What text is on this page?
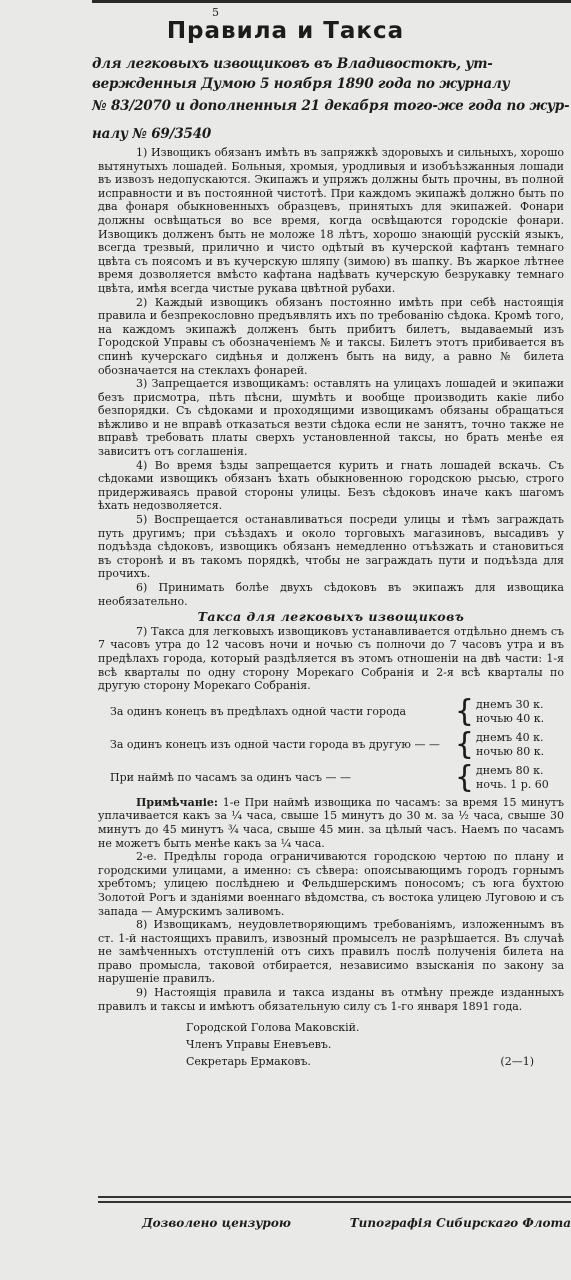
5
Правила и Такса
для легковыхъ извощиковъ въ Владивостокѣ, ут-
вержденныя Думою 5 ноября 1890 года по журналу
№ 83/2070 и дополненныя 21 декабря того-же года по жур-
налу № 69/3540

1) Извощикъ обязанъ имѣть въ запряжкѣ здоровыхъ и сильныхъ, хорошо вытянутыхъ лошадей. Больныя, хромыя, уродливыя и изобъѣзжанныя лошади въ извозъ недопускаются. Экипажъ и упряжъ должны быть прочны, въ полной исправности и въ постоянной чистотѣ. При каждомъ экипажѣ должно быть по два фонаря обыкновенныхъ образцевъ, принятыхъ для экипажей. Фонари должны освѣщаться во все время, когда освѣщаются городскіе фонари. Извощикъ долженъ быть не моложе 18 лѣтъ, хорошо знающій русскій языкъ, всегда трезвый, прилично и чисто одѣтый въ кучерской кафтанъ темнаго цвѣта съ поясомъ и въ кучерскую шляпу (зимою) въ шапку. Въ жаркое лѣтнее время дозволяется вмѣсто кафтана надѣвать кучерскую безрукавку темнаго цвѣта, имѣя всегда чистые рукава цвѣтной рубахи.

2) Каждый извощикъ обязанъ постоянно имѣть при себѣ настоящія правила и безпрекословно предъявлять ихъ по требованію сѣдока. Кромѣ того, на каждомъ экипажѣ долженъ быть прибитъ билетъ, выдаваемый изъ Городской Управы съ обозначеніемъ № и таксы. Билетъ этотъ прибивается въ спинѣ кучерскаго сидѣнья и долженъ быть на виду, а равно № билета обозначается на стеклахъ фонарей.

3) Запрещается извощикамъ: оставлять на улицахъ лошадей и экипажи безъ присмотра, пѣть пѣсни, шумѣть и вообще производить какіе либо безпорядки. Съ сѣдоками и проходящими извощикамъ обязаны обращаться вѣжливо и не вправѣ отказаться везти сѣдока если не занятъ, точно также не вправѣ требовать платы сверхъ установленной таксы, но брать менѣе ея зависитъ отъ соглашенія.

4) Во время ѣзды запрещается курить и гнать лошадей вскачь. Съ сѣдоками извощикъ обязанъ ѣхать обыкновенною городскою рысью, строго придерживаясь правой стороны улицы. Безъ сѣдоковъ иначе какъ шагомъ ѣхать недозволяется.

5) Воспрещается останавливаться посреди улицы и тѣмъ заграждать путь другимъ; при съѣздахъ и около торговыхъ магазиновъ, высадивъ у подъѣзда сѣдоковъ, извощикъ обязанъ немедленно отъѣзжать и становиться въ сторонѣ и въ такомъ порядкѣ, чтобы не заграждать пути и подъѣзда для прочихъ.

6) Принимать болѣе двухъ сѣдоковъ въ экипажъ для извощика необязательно.

Такса для легковыхъ извощиковъ

7) Такса для легковыхъ извощиковъ устанавливается отдѣльно днемъ съ 7 часовъ утра до 12 часовъ ночи и ночью съ полночи до 7 часовъ утра и въ предѣлахъ города, который раздѣляется въ этомъ отношеніи на двѣ части: 1-я всѣ кварталы по одну сторону Морекаго Собранія и 2-я всѣ кварталы по другую сторону Морекаго Собранія.

За одинъ конецъ въ предѣлахъ одной части города	{ днемъ 30 к.
ночью 40 к.
За одинъ конецъ изъ одной части города въ другую — — { днемъ 40 к.
ночью 80 к.
При наймѣ по часамъ за одинъ часъ — —	{ днемъ 80 к.
ночь. 1 р. 60

Примѣчаніе: 1-е При наймѣ извощика по часамъ: за время 15 минутъ уплачивается какъ за ¼ часа, свыше 15 минутъ до 30 м. за ½ часа, свыше 30 минутъ до 45 минутъ ¾ часа, свыше 45 мин. за цѣлый часъ. Наемъ по часамъ не можетъ быть менѣе какъ за ¼ часа.

2-е. Предѣлы города ограничиваются городскою чертою по плану и городскими улицами, а именно: съ сѣвера: опоясывающимъ городъ горнымъ хребтомъ; улицею послѣднею и Фельдшерскимъ поносомъ; съ юга бухтою Золотой Рогъ и зданіями военнаго вѣдомства, съ востока улицею Луговою и съ запада — Амурскимъ заливомъ.

8) Извощикамъ, неудовлетворяющимъ требованіямъ, изложеннымъ въ ст. 1-й настоящихъ правилъ, извозный промыселъ не разрѣшается. Въ случаѣ не замѣченныхъ отступленій отъ сихъ правилъ послѣ полученія билета на право промысла, таковой отбирается, независимо взысканія по закону за нарушеніе правилъ.

9) Настоящія правила и такса изданы въ отмѣну прежде изданныхъ правилъ и таксы и имѣютъ обязательную силу съ 1-го января 1891 года.

Городской Голова Маковскій.
Членъ Управы Еневъевъ.
Секретарь Ермаковъ.	(2—1)
Дозволено цензурою	Типографія Сибирскаго Флота
